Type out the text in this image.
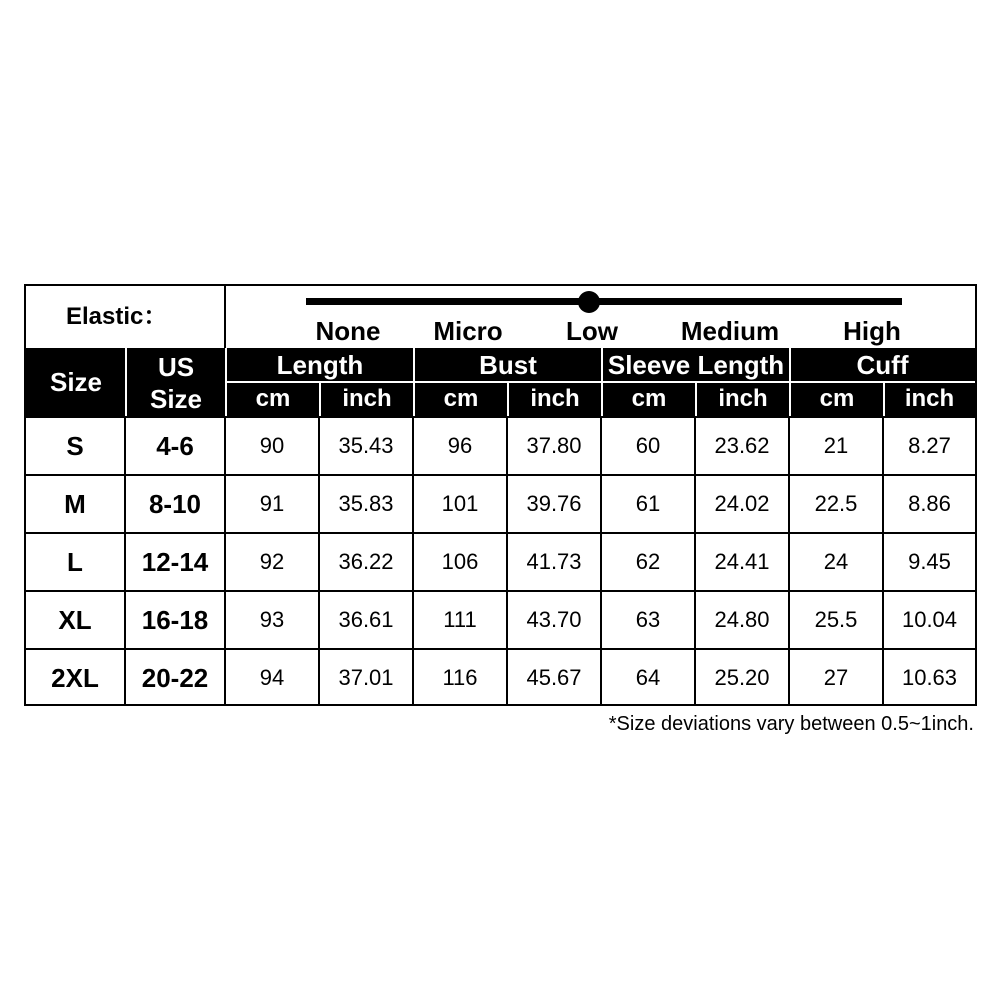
Elastic：	None Micro Low Medium High
Size	US
Size
Length	Bust	Sleeve Length	Cuff
cm	inch	cm	inch	cm	inch	cm	inch
S	4-6	90	35.43	96	37.80	60	23.62	21	8.27
M	8-10	91	35.83	101	39.76	61	24.02	22.5	8.86
L	12-14	92	36.22	106	41.73	62	24.41	24	9.45
XL	16-18	93	36.61	111	43.70	63	24.80	25.5	10.04
2XL	20-22	94	37.01	116	45.67	64	25.20	27	10.63
*Size deviations vary between 0.5~1inch.
